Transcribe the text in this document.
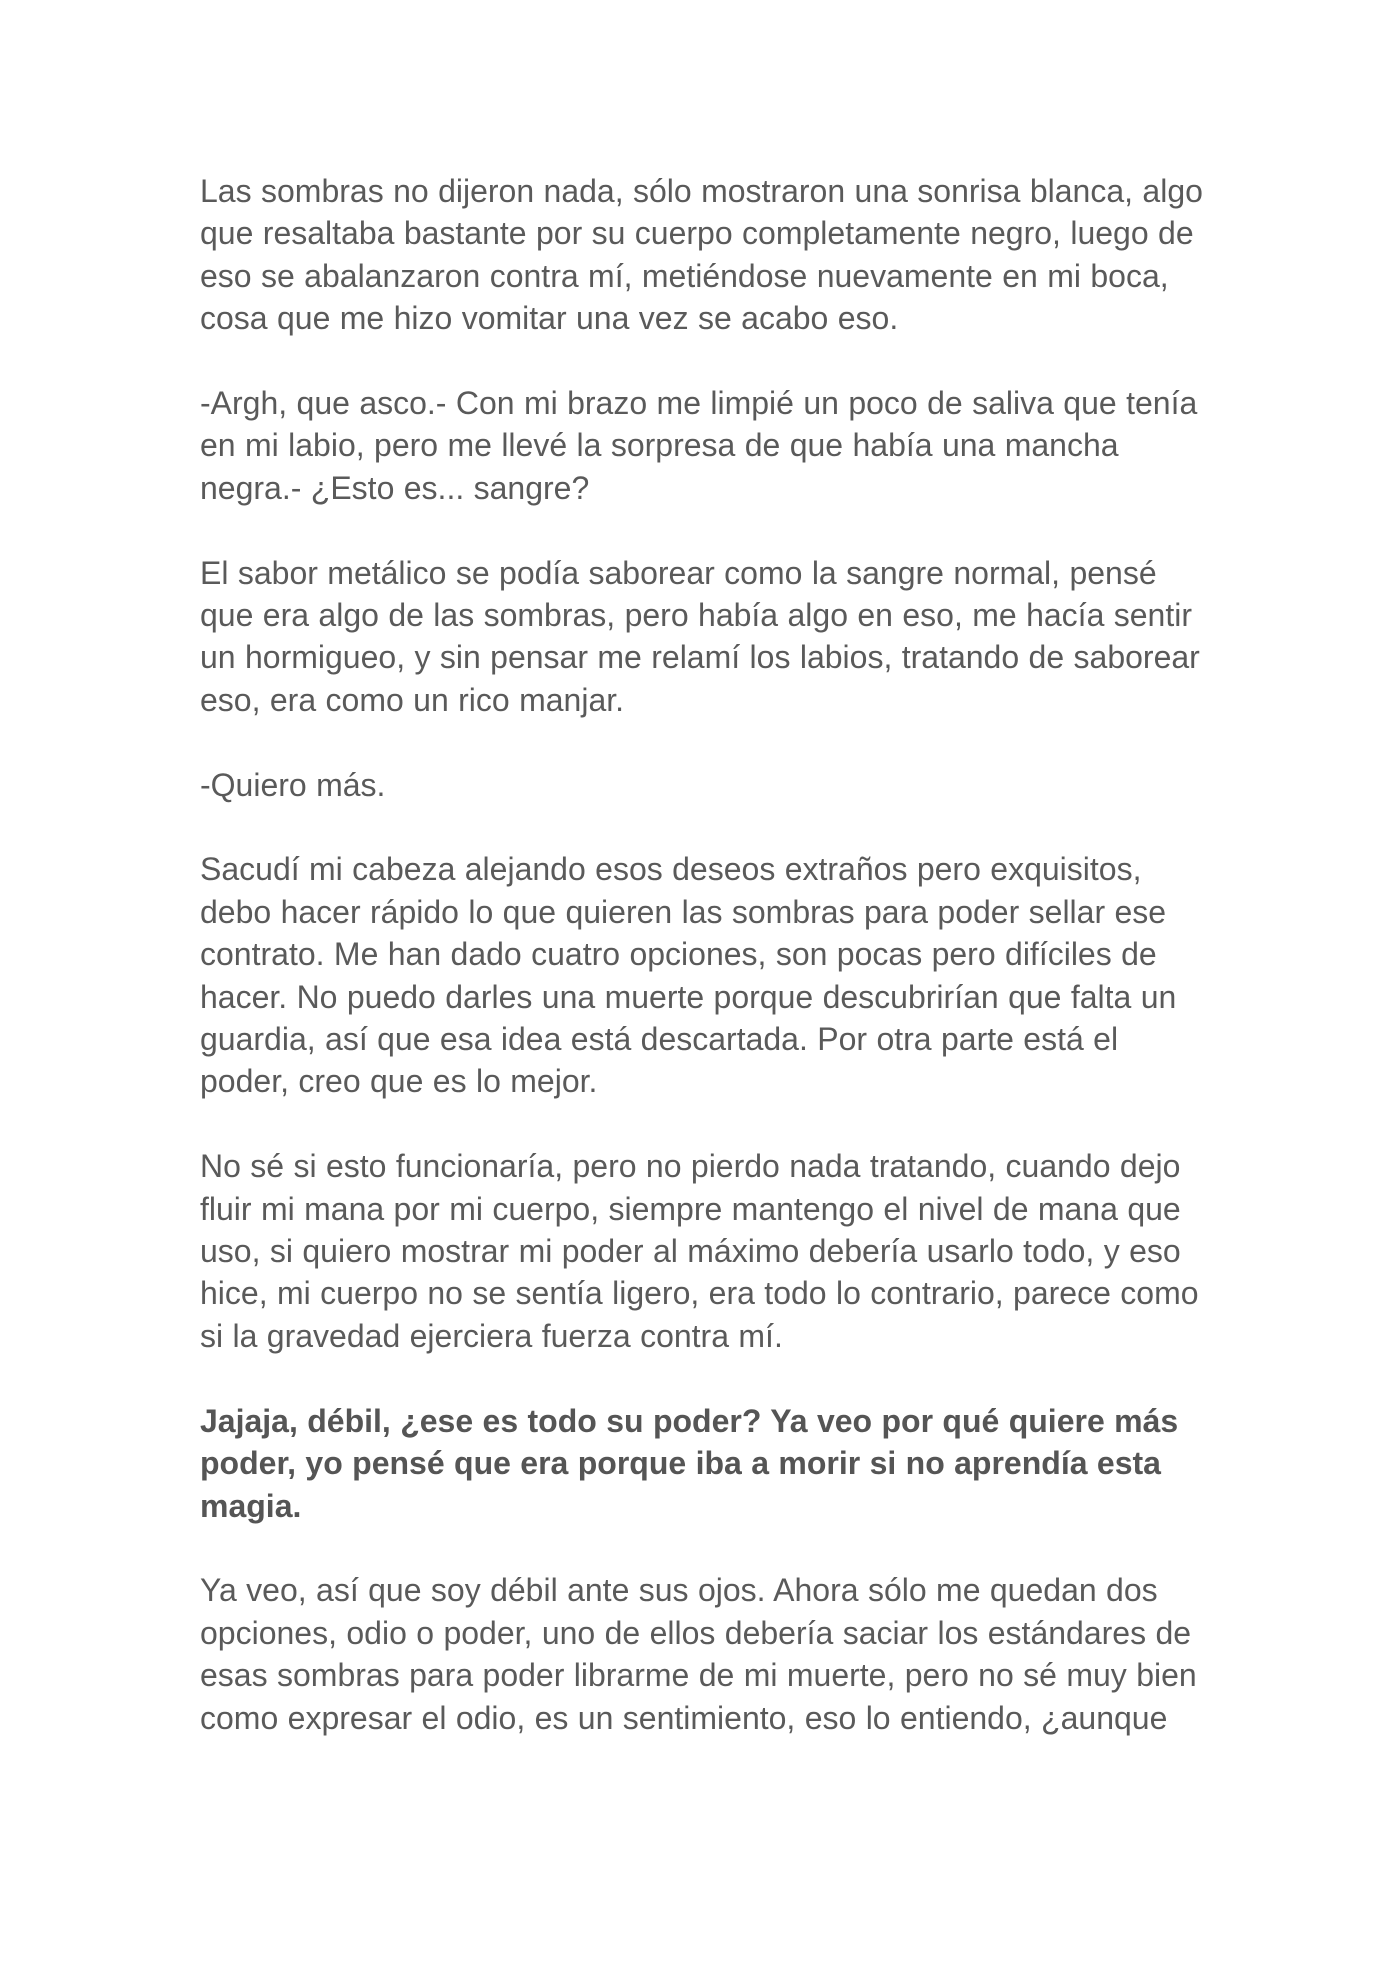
Las sombras no dijeron nada, sólo mostraron una sonrisa blanca, algo
que resaltaba bastante por su cuerpo completamente negro, luego de
eso se abalanzaron contra mí, metiéndose nuevamente en mi boca,
cosa que me hizo vomitar una vez se acabo eso.

-Argh, que asco.- Con mi brazo me limpié un poco de saliva que tenía
en mi labio, pero me llevé la sorpresa de que había una mancha
negra.- ¿Esto es... sangre?

El sabor metálico se podía saborear como la sangre normal, pensé
que era algo de las sombras, pero había algo en eso, me hacía sentir
un hormigueo, y sin pensar me relamí los labios, tratando de saborear
eso, era como un rico manjar.

-Quiero más.

Sacudí mi cabeza alejando esos deseos extraños pero exquisitos,
debo hacer rápido lo que quieren las sombras para poder sellar ese
contrato. Me han dado cuatro opciones, son pocas pero difíciles de
hacer. No puedo darles una muerte porque descubrirían que falta un
guardia, así que esa idea está descartada. Por otra parte está el
poder, creo que es lo mejor.

No sé si esto funcionaría, pero no pierdo nada tratando, cuando dejo
fluir mi mana por mi cuerpo, siempre mantengo el nivel de mana que
uso, si quiero mostrar mi poder al máximo debería usarlo todo, y eso
hice, mi cuerpo no se sentía ligero, era todo lo contrario, parece como
si la gravedad ejerciera fuerza contra mí.

Jajaja, débil, ¿ese es todo su poder? Ya veo por qué quiere más
poder, yo pensé que era porque iba a morir si no aprendía esta
magia.

Ya veo, así que soy débil ante sus ojos. Ahora sólo me quedan dos
opciones, odio o poder, uno de ellos debería saciar los estándares de
esas sombras para poder librarme de mi muerte, pero no sé muy bien
como expresar el odio, es un sentimiento, eso lo entiendo, ¿aunque
